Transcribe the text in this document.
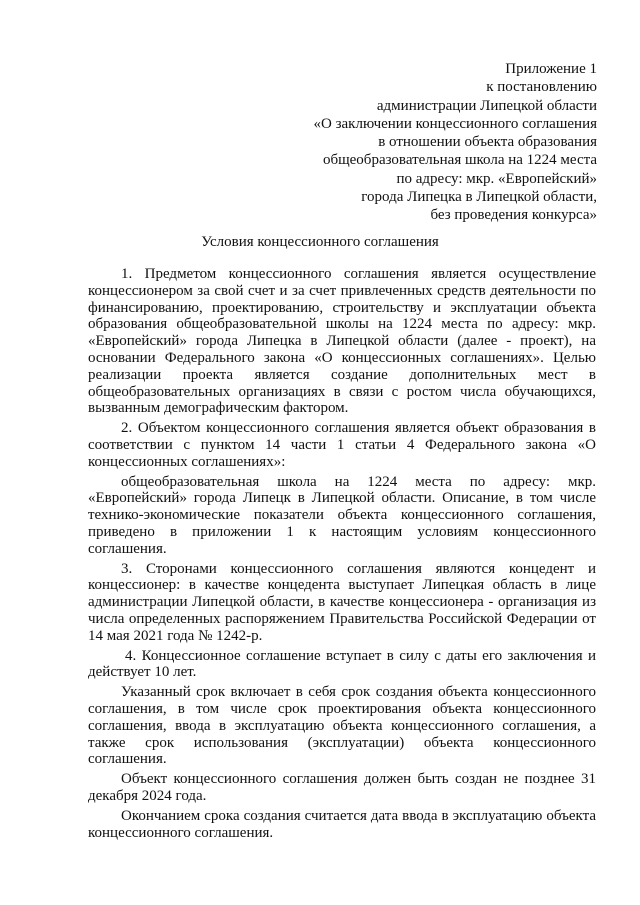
Приложение 1
к постановлению
администрации Липецкой области
«О заключении концессионного соглашения
в отношении объекта образования
общеобразовательная школа на 1224 места
по адресу: мкр. «Европейский»
города Липецка в Липецкой области,
без проведения конкурса»
Условия концессионного соглашения

1. Предметом концессионного соглашения является осуществление концессионером за свой счет и за счет привлеченных средств деятельности по финансированию, проектированию, строительству и эксплуатации объекта образования общеобразовательной школы на 1224 места по адресу: мкр. «Европейский» города Липецка в Липецкой области (далее - проект), на основании Федерального закона «О концессионных соглашениях». Целью реализации проекта является создание дополнительных мест в общеобразовательных организациях в связи с ростом числа обучающихся, вызванным демографическим фактором.

2. Объектом концессионного соглашения является объект образования в соответствии с пунктом 14 части 1 статьи 4 Федерального закона «О концессионных соглашениях»:

общеобразовательная школа на 1224 места по адресу: мкр. «Европейский» города Липецк в Липецкой области. Описание, в том числе технико-экономические показатели объекта концессионного соглашения, приведено в приложении 1 к настоящим условиям концессионного соглашения.

3. Сторонами концессионного соглашения являются концедент и концессионер: в качестве концедента выступает Липецкая область в лице администрации Липецкой области, в качестве концессионера - организация из числа определенных распоряжением Правительства Российской Федерации от 14 мая 2021 года № 1242-р.

4. Концессионное соглашение вступает в силу с даты его заключения и действует 10 лет.

Указанный срок включает в себя срок создания объекта концессионного соглашения, в том числе срок проектирования объекта концессионного соглашения, ввода в эксплуатацию объекта концессионного соглашения, а также срок использования (эксплуатации) объекта концессионного соглашения.

Объект концессионного соглашения должен быть создан не позднее 31 декабря 2024 года.

Окончанием срока создания считается дата ввода в эксплуатацию объекта концессионного соглашения.
